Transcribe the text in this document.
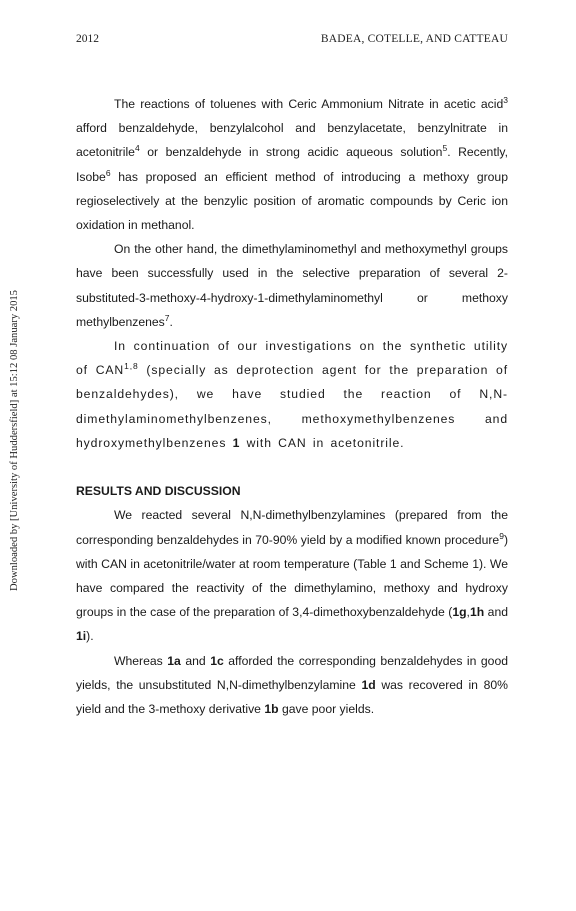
Downloaded by [University of Huddersfield] at 15:12 08 January 2015
2012	BADEA, COTELLE, AND CATTEAU

The reactions of toluenes with Ceric Ammonium Nitrate in acetic acid$^3$ afford benzaldehyde, benzylalcohol and benzylacetate, benzylnitrate in acetonitrile$^4$ or benzaldehyde in strong acidic aqueous solution$^5$. Recently, Isobe$^6$ has proposed an efficient method of introducing a methoxy group regioselectively at the benzylic position of aromatic compounds by Ceric ion oxidation in methanol.

On the other hand, the dimethylaminomethyl and methoxymethyl groups have been successfully used in the selective preparation of several 2-substituted-3-methoxy-4-hydroxy-1-dimethylaminomethyl or methoxy methylbenzenes$^7$.

In continuation of our investigations on the synthetic utility of CAN$^{1,8}$ (specially as deprotection agent for the preparation of benzaldehydes), we have studied the reaction of N,N-dimethylaminomethylbenzenes, methoxymethylbenzenes and hydroxymethylbenzenes 1 with CAN in acetonitrile.

RESULTS AND DISCUSSION

We reacted several N,N-dimethylbenzylamines (prepared from the corresponding benzaldehydes in 70-90% yield by a modified known procedure$^9$) with CAN in acetonitrile/water at room temperature (Table 1 and Scheme 1). We have compared the reactivity of the dimethylamino, methoxy and hydroxy groups in the case of the preparation of 3,4-dimethoxybenzaldehyde (1g,1h and 1i).

Whereas 1a and 1c afforded the corresponding benzaldehydes in good yields, the unsubstituted N,N-dimethylbenzylamine 1d was recovered in 80% yield and the 3-methoxy derivative 1b gave poor yields.
